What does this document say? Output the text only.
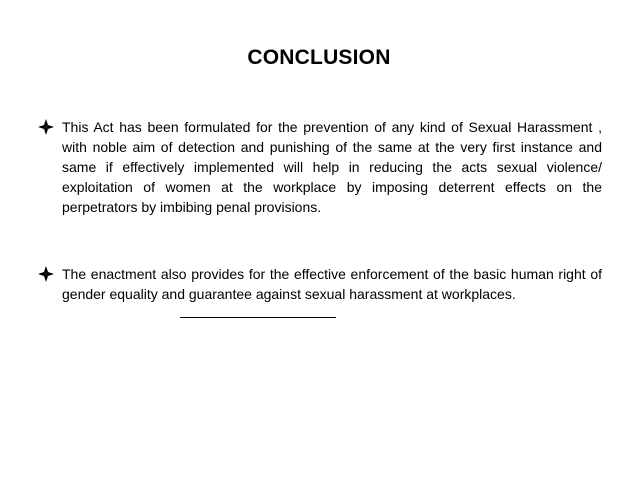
CONCLUSION
This Act has been formulated for the prevention of any kind of Sexual Harassment , with noble aim of detection and punishing of the same at the very first instance and same if effectively implemented will help in reducing the acts sexual violence/ exploitation of women at the workplace by imposing deterrent effects on the perpetrators by imbibing penal provisions.
The enactment also provides for the effective enforcement of the basic human right of gender equality and guarantee against sexual harassment at workplaces.
